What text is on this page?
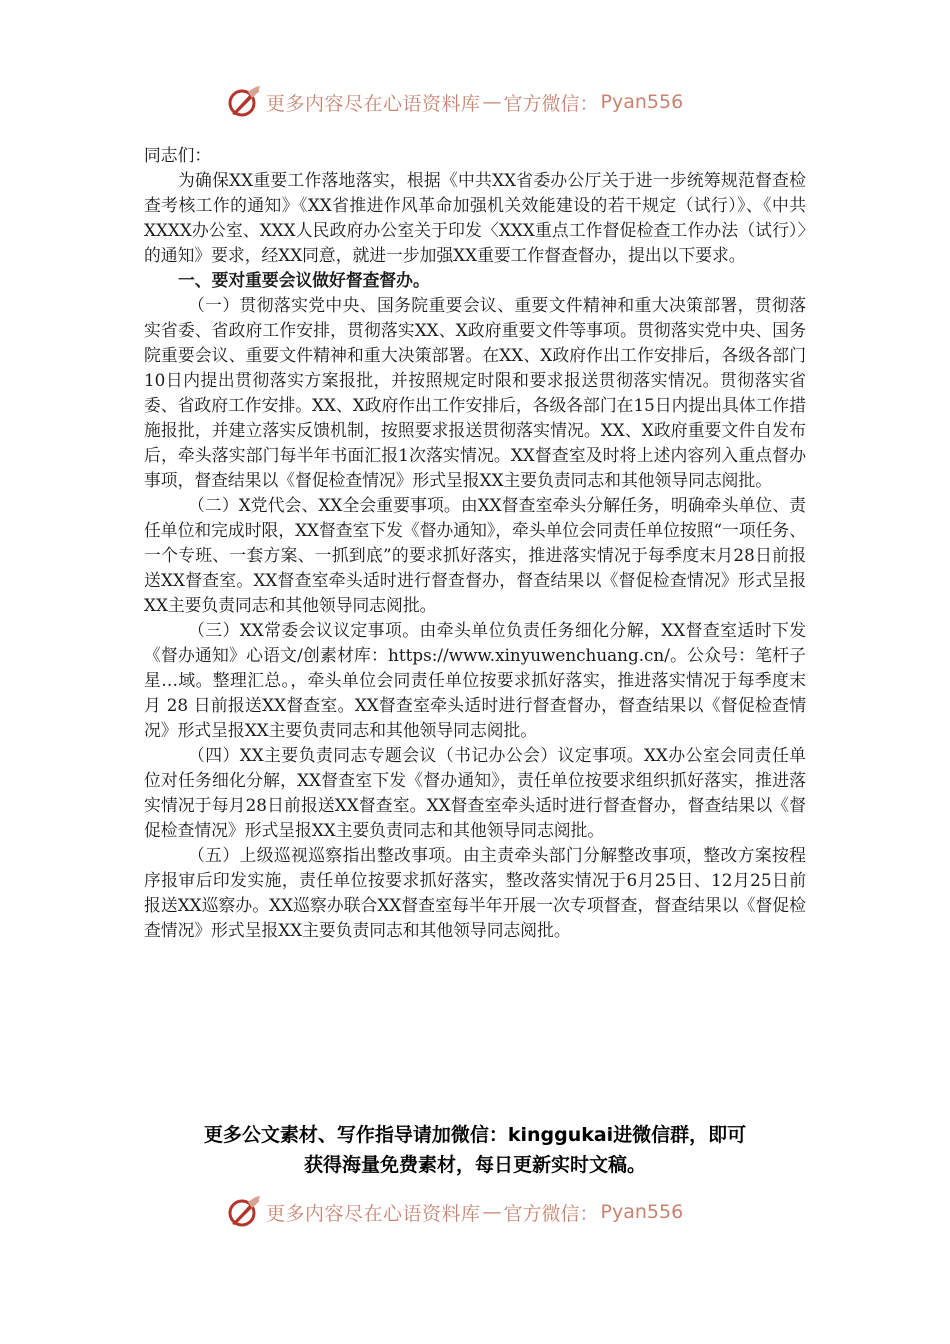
更多内容尽在心语资料库 — 官方微信： Pyan556

同志们：

为确保XX重要工作落地落实，根据《中共XX省委办公厅关于进一步统筹规范督查检查考核工作的通知》《XX省推进作风革命加强机关效能建设的若干规定（试行）》、《中共XXXX办公室、XXX人民政府办公室关于印发〈XXX重点工作督促检查工作办法（试行）〉的通知》要求，经XX同意，就进一步加强XX重要工作督查督办，提出以下要求。

一、要对重要会议做好督查督办。

（一）贯彻落实党中央、国务院重要会议、重要文件精神和重大决策部署，贯彻落实省委、省政府工作安排，贯彻落实XX、X政府重要文件等事项。贯彻落实党中央、国务院重要会议、重要文件精神和重大决策部署。在XX、X政府作出工作安排后，各级各部门10日内提出贯彻落实方案报批，并按照规定时限和要求报送贯彻落实情况。贯彻落实省委、省政府工作安排。XX、X政府作出工作安排后，各级各部门在15日内提出具体工作措施报批，并建立落实反馈机制，按照要求报送贯彻落实情况。XX、X政府重要文件自发布后，牵头落实部门每半年书面汇报1次落实情况。XX督查室及时将上述内容列入重点督办事项，督查结果以《督促检查情况》形式呈报XX主要负责同志和其他领导同志阅批。

（二）X党代会、XX全会重要事项。由XX督查室牵头分解任务，明确牵头单位、责任单位和完成时限，XX督查室下发《督办通知》，牵头单位会同责任单位按照“一项任务、一个专班、一套方案、一抓到底”的要求抓好落实，推进落实情况于每季度末月28日前报送XX督查室。XX督查室牵头适时进行督查督办，督查结果以《督促检查情况》形式呈报XX主要负责同志和其他领导同志阅批。

（三）XX常委会议议定事项。由牵头单位负责任务细化分解，XX督查室适时下发《督办通知》心语文/创素材库：https://www.xinyuwenchuang.cn/。公众号：笔杆子星…域。整理汇总。，牵头单位会同责任单位按要求抓好落实，推进落实情况于每季度末月 28 日前报送XX督查室。XX督查室牵头适时进行督查督办，督查结果以《督促检查情况》形式呈报XX主要负责同志和其他领导同志阅批。

（四）XX主要负责同志专题会议（书记办公会）议定事项。XX办公室会同责任单位对任务细化分解，XX督查室下发《督办通知》，责任单位按要求组织抓好落实，推进落实情况于每月28日前报送XX督查室。XX督查室牵头适时进行督查督办，督查结果以《督促检查情况》形式呈报XX主要负责同志和其他领导同志阅批。

（五）上级巡视巡察指出整改事项。由主责牵头部门分解整改事项，整改方案按程序报审后印发实施，责任单位按要求抓好落实，整改落实情况于6月25日、12月25日前报送XX巡察办。XX巡察办联合XX督查室每半年开展一次专项督查，督查结果以《督促检查情况》形式呈报XX主要负责同志和其他领导同志阅批。

更多公文素材、写作指导请加微信：kinggukai进微信群，即可
获得海量免费素材，每日更新实时文稿。
更多内容尽在心语资料库 — 官方微信： Pyan556
